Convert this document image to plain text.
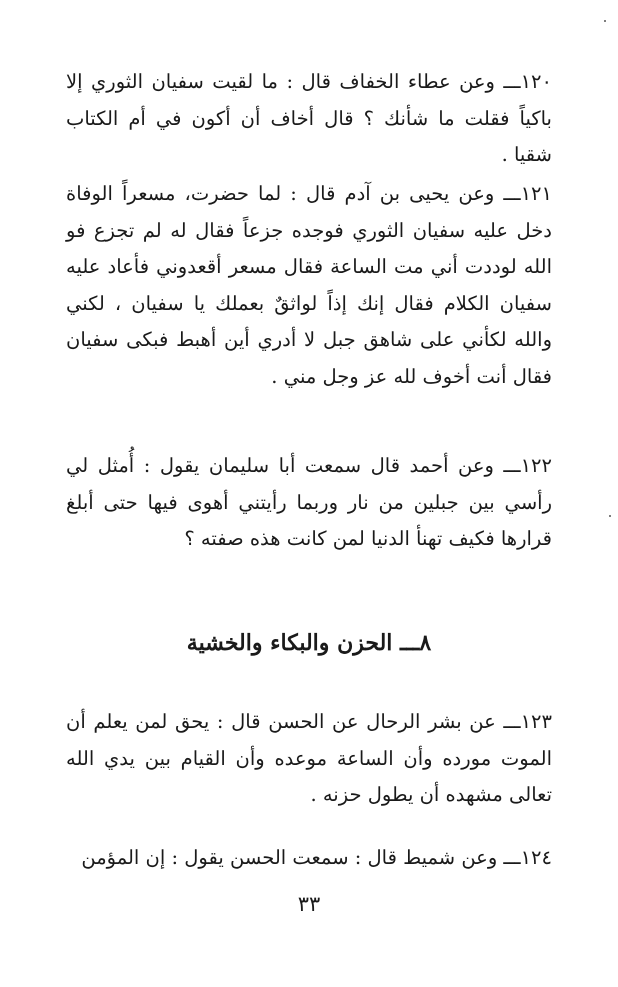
١٢٠ـــ وعن عطاء الخفاف قال : ما لقيت سفيان الثوري إلا باكياً فقلت ما شأنك ؟ قال أخاف أن أكون في أم الكتاب شقيا .

١٢١ـــ وعن يحيى بن آدم قال : لما حضرت، مسعراً الوفاة دخل عليه سفيان الثوري فوجده جزعاً فقال له لم تجزع فو الله لوددت أني مت الساعة فقال مسعر أقعدوني فأعاد عليه سفيان الكلام فقال إنك إذاً لواثقٌ بعملك يا سفيان ، لكني والله لكأني على شاهق جبل لا أدري أين أهبط فبكى سفيان فقال أنت أخوف لله عز وجل مني .

١٢٢ـــ وعن أحمد قال سمعت أبا سليمان يقول : أُمثل لي رأسي بين جبلين من نار وربما رأيتني أهوى فيها حتى أبلغ قرارها فكيف تهنأ الدنيا لمن كانت هذه صفته ؟

٨ـــ الحزن والبكاء والخشية

١٢٣ـــ عن بشر الرحال عن الحسن قال : يحق لمن يعلم أن الموت مورده وأن الساعة موعده وأن القيام بين يدي الله تعالى مشهده أن يطول حزنه .

١٢٤ـــ وعن شميط قال : سمعت الحسن يقول : إن المؤمن

٣٣
